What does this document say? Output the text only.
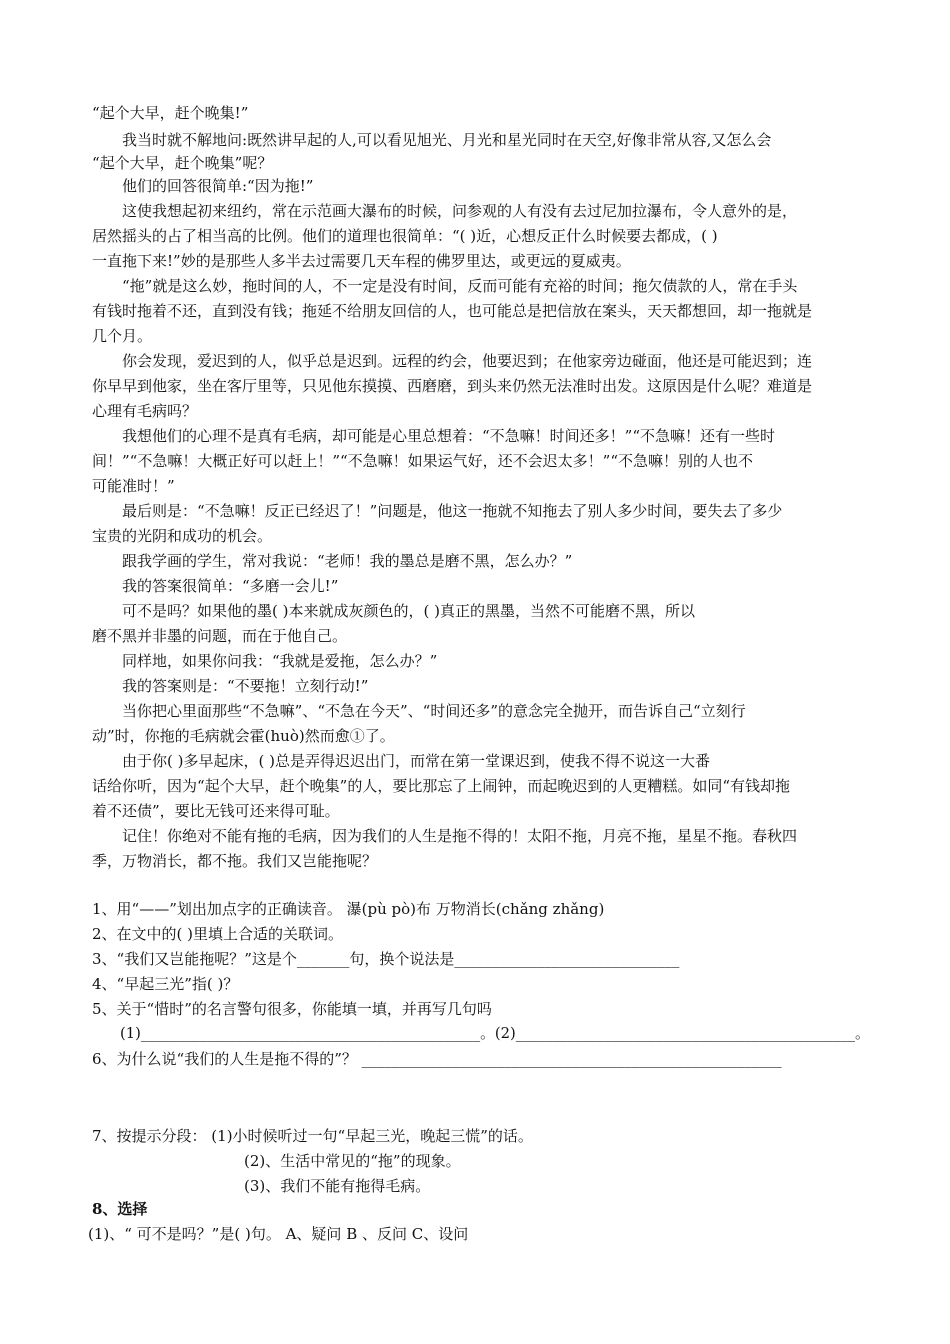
“起个大早，赶个晚集!”
我当时就不解地问:既然讲早起的人,可以看见旭光、月光和星光同时在天空,好像非常从容,又怎么会
“起个大早，赶个晚集”呢？
他们的回答很简单:“因为拖!”
这使我想起初来纽约，常在示范画大瀑布的时候，问参观的人有没有去过尼加拉瀑布，令人意外的是，
居然摇头的占了相当高的比例。他们的道理也很简单：“( )近，心想反正什么时候要去都成，( )
一直拖下来!”妙的是那些人多半去过需要几天车程的佛罗里达，或更远的夏威夷。
“拖”就是这么妙，拖时间的人，不一定是没有时间，反而可能有充裕的时间；拖欠债款的人，常在手头
有钱时拖着不还，直到没有钱；拖延不给朋友回信的人，也可能总是把信放在案头，天天都想回，却一拖就是
几个月。
你会发现，爱迟到的人，似乎总是迟到。远程的约会，他要迟到；在他家旁边碰面，他还是可能迟到；连
你早早到他家，坐在客厅里等，只见他东摸摸、西磨磨，到头来仍然无法准时出发。这原因是什么呢？难道是
心理有毛病吗？
我想他们的心理不是真有毛病，却可能是心里总想着：“不急嘛！时间还多！”“不急嘛！还有一些时
间！”“不急嘛！大概正好可以赶上！”“不急嘛！如果运气好，还不会迟太多！”“不急嘛！别的人也不
可能准时！”
最后则是：“不急嘛！反正已经迟了！”问题是，他这一拖就不知拖去了别人多少时间，要失去了多少
宝贵的光阴和成功的机会。
跟我学画的学生，常对我说：“老师！我的墨总是磨不黑，怎么办？”
我的答案很简单：“多磨一会儿!”
可不是吗？如果他的墨( )本来就成灰颜色的，( )真正的黑墨，当然不可能磨不黑，所以
磨不黑并非墨的问题，而在于他自己。
同样地，如果你问我：“我就是爱拖，怎么办？”
我的答案则是：“不要拖！立刻行动!”
当你把心里面那些“不急嘛”、“不急在今天”、“时间还多”的意念完全抛开，而告诉自己“立刻行
动”时，你拖的毛病就会霍(huò)然而愈①了。
由于你( )多早起床，( )总是弄得迟迟出门，而常在第一堂课迟到，使我不得不说这一大番
话给你听，因为“起个大早，赶个晚集”的人，要比那忘了上闹钟，而起晚迟到的人更糟糕。如同“有钱却拖
着不还债”，要比无钱可还来得可耻。
记住！你绝对不能有拖的毛病，因为我们的人生是拖不得的！太阳不拖，月亮不拖，星星不拖。春秋四
季，万物消长，都不拖。我们又岂能拖呢？
1、用“——”划出加点字的正确读音。 瀑(pù pò)布 万物消长(chǎng zhǎng)
2、在文中的( )里填上合适的关联词。
3、“我们又岂能拖呢？”这是个_______句，换个说法是______________________________
4、“早起三光”指( )？
5、关于“惜时”的名言警句很多，你能填一填，并再写几句吗
(1)______________________________________________。(2)______________________________________________。
6、为什么说“我们的人生是拖不得的”？ ________________________________________________________
7、按提示分段： (1)小时候听过一句“早起三光，晚起三慌”的话。
(2)、生活中常见的“拖”的现象。
(3)、我们不能有拖得毛病。
8、选择
(1)、“ 可不是吗？”是( )句。 A、疑问 B 、反问 C、设问
